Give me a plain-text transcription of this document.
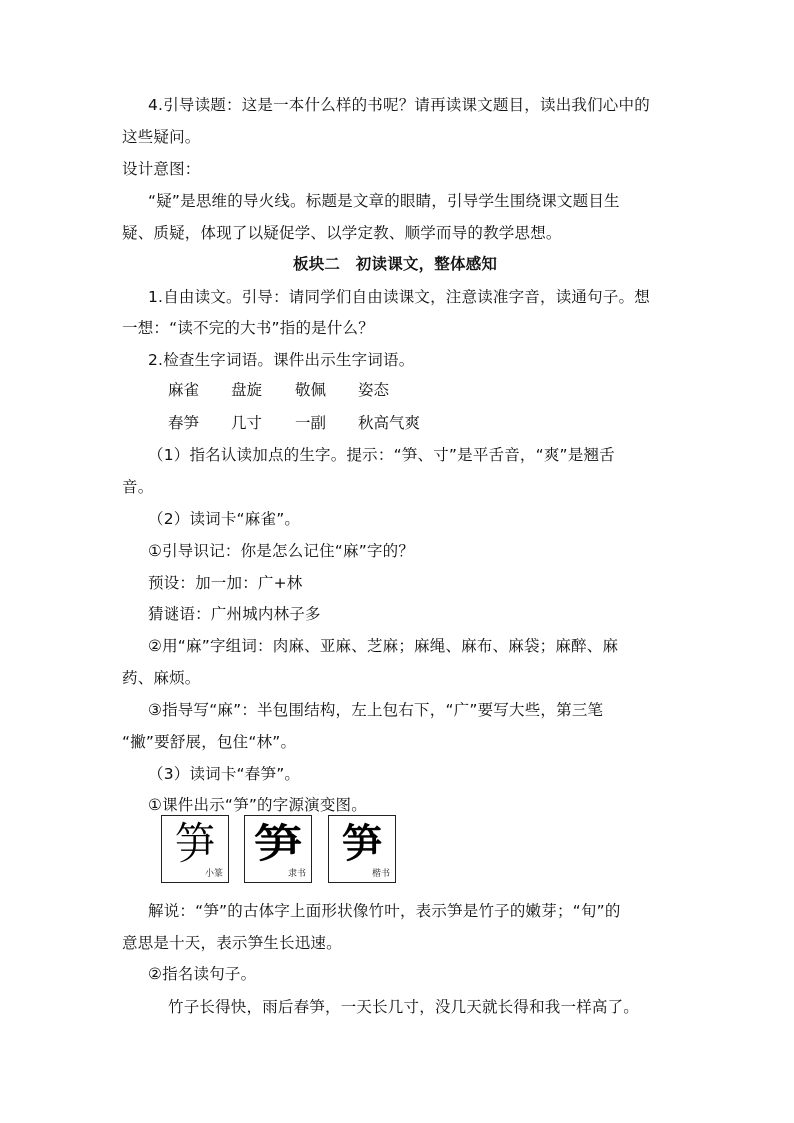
4.引导读题：这是一本什么样的书呢？请再读课文题目，读出我们心中的
这些疑问。
设计意图：
“疑”是思维的导火线。标题是文章的眼睛，引导学生围绕课文题目生
疑、质疑，体现了以疑促学、以学定教、顺学而导的教学思想。
板块二　初读课文，整体感知
1.自由读文。引导：请同学们自由读课文，注意读准字音，读通句子。想
一想：“读不完的大书”指的是什么？
2.检查生字词语。课件出示生字词语。
麻雀 盘旋 敬佩 姿态
春笋 几寸 一副 秋高气爽
（1）指名认读加点的生字。提示：“笋、寸”是平舌音，“爽”是翘舌
音。
（2）读词卡“麻雀”。
①引导识记：你是怎么记住“麻”字的？
预设：加一加：广+林
猜谜语：广州城内林子多
②用“麻”字组词：肉麻、亚麻、芝麻；麻绳、麻布、麻袋；麻醉、麻
药、麻烦。
③指导写“麻”：半包围结构，左上包右下，“广”要写大些，第三笔
“撇”要舒展，包住“林”。
（3）读词卡“春笋”。
①课件出示“笋”的字源演变图。
笋
小篆
笋
隶书
笋
楷书
解说：“笋”的古体字上面形状像竹叶，表示笋是竹子的嫩芽；“旬”的
意思是十天，表示笋生长迅速。
②指名读句子。
竹子长得快，雨后春笋，一天长几寸，没几天就长得和我一样高了。
